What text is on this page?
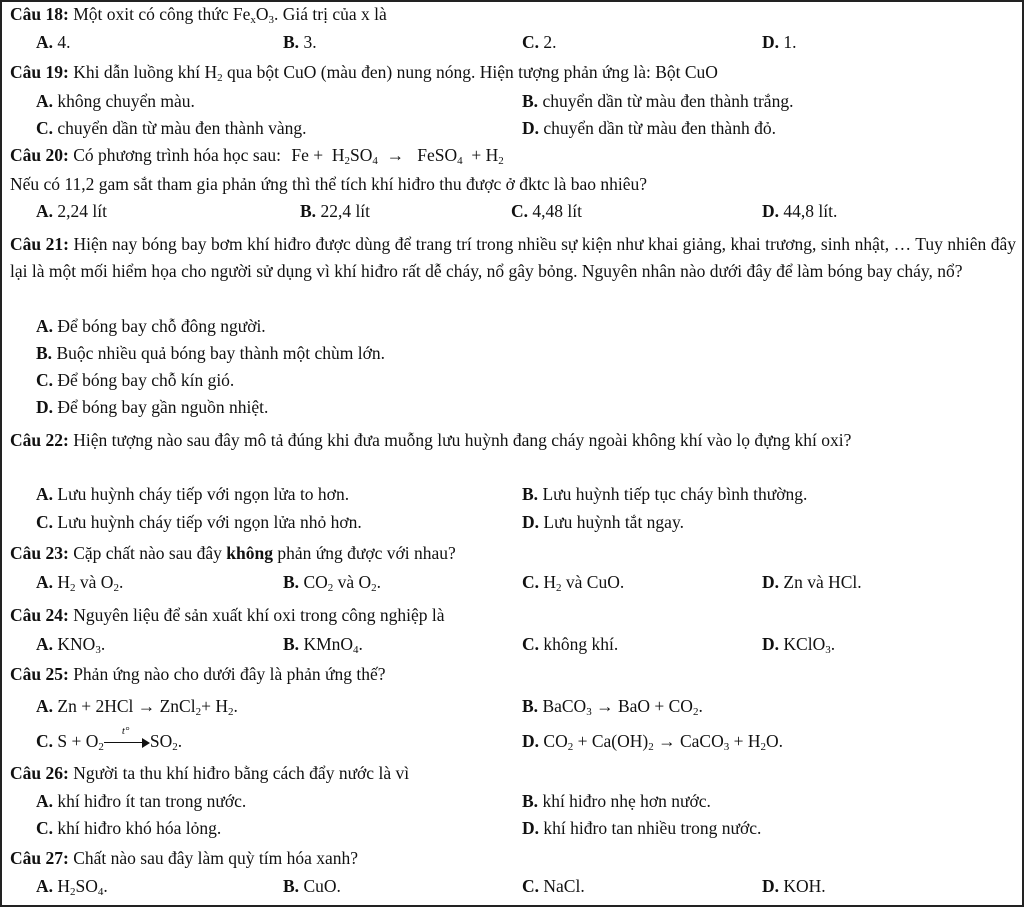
Câu 18: Một oxit có công thức $Fe_xO_3$. Giá trị của x là
A. 4.	B. 3.	C. 2.	D. 1.
Câu 19: Khi dẫn luồng khí $H_2$ qua bột CuO (màu đen) nung nóng. Hiện tượng phản ứng là: Bột CuO
A. không chuyển màu.	B. chuyển dần từ màu đen thành trắng.
C. chuyển dần từ màu đen thành vàng.	D. chuyển dần từ màu đen thành đỏ.
Câu 20: Có phương trình hóa học sau: $Fe + H_2SO_4$ → FeSO$_4$ + $H_2$
Nếu có 11,2 gam sắt tham gia phản ứng thì thể tích khí hiđro thu được ở đktc là bao nhiêu?
A. 2,24 lít	B. 22,4 lít	C. 4,48 lít	D. 44,8 lít.
Câu 21: Hiện nay bóng bay bơm khí hiđro được dùng để trang trí trong nhiều sự kiện như khai giảng, khai trương, sinh nhật, … Tuy nhiên đây lại là một mối hiểm họa cho người sử dụng vì khí hiđro rất dễ cháy, nổ gây bỏng. Nguyên nhân nào dưới đây để làm bóng bay cháy, nổ?
A. Để bóng bay chỗ đông người.
B. Buộc nhiều quả bóng bay thành một chùm lớn.
C. Để bóng bay chỗ kín gió.
D. Để bóng bay gần nguồn nhiệt.
Câu 22: Hiện tượng nào sau đây mô tả đúng khi đưa muỗng lưu huỳnh đang cháy ngoài không khí vào lọ đựng khí oxi?
A. Lưu huỳnh cháy tiếp với ngọn lửa to hơn.	B. Lưu huỳnh tiếp tục cháy bình thường.
C. Lưu huỳnh cháy tiếp với ngọn lửa nhỏ hơn.	D. Lưu huỳnh tắt ngay.
Câu 23: Cặp chất nào sau đây không phản ứng được với nhau?
A. $H_2$ và $O_2$.	B. $CO_2$ và $O_2$.	C. $H_2$ và CuO.	D. Zn và HCl.
Câu 24: Nguyên liệu để sản xuất khí oxi trong công nghiệp là
A. $KNO_3$.	B. KMnO$_4$.	C. không khí.	D. KClO$_3$.
Câu 25: Phản ứng nào cho dưới đây là phản ứng thế?
A. Zn + 2HCl → ZnCl$_2$+ $H_2$.	B. BaCO$_3$ → BaO + $CO_2$.
C. $S + O_2$
t°
$SO_2$.	D. $CO_2 + Ca(OH)_2$ → CaCO$_3$ + $H_2O$.
Câu 26: Người ta thu khí hiđro bằng cách đẩy nước là vì
A. khí hiđro ít tan trong nước.	B. khí hiđro nhẹ hơn nước.
C. khí hiđro khó hóa lỏng.	D. khí hiđro tan nhiều trong nước.
Câu 27: Chất nào sau đây làm quỳ tím hóa xanh?
A. $H_2SO_4$.	B. CuO.	C. NaCl.	D. KOH.
